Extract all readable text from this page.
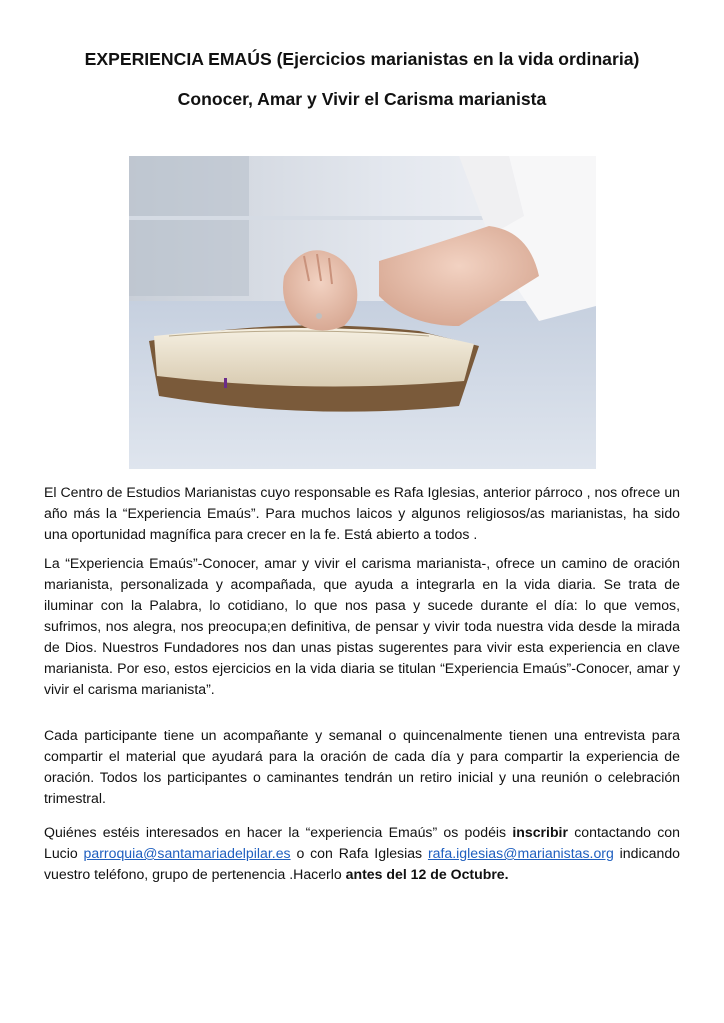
EXPERIENCIA EMAÚS (Ejercicios marianistas en la vida ordinaria)
Conocer, Amar y Vivir el Carisma marianista

El Centro de Estudios Marianistas cuyo responsable es Rafa Iglesias, anterior párroco , nos ofrece un año más la “Experiencia Emaús”. Para muchos laicos y algunos religiosos/as marianistas, ha sido una oportunidad magnífica para crecer en la fe. Está abierto a todos .

La “Experiencia Emaús”-Conocer, amar y vivir el carisma marianista-, ofrece un camino de oración marianista, personalizada y acompañada, que ayuda a integrarla en la vida diaria. Se trata de iluminar con la Palabra, lo cotidiano, lo que nos pasa y sucede durante el día: lo que vemos, sufrimos, nos alegra, nos preocupa;en definitiva, de pensar y vivir toda nuestra vida desde la mirada de Dios. Nuestros Fundadores nos dan unas pistas sugerentes para vivir esta experiencia en clave marianista. Por eso, estos ejercicios en la vida diaria se titulan “Experiencia Emaús”-Conocer, amar y vivir el carisma marianista”.

Cada participante tiene un acompañante y semanal o quincenalmente tienen una entrevista para compartir el material que ayudará para la oración de cada día y para compartir la experiencia de oración. Todos los participantes o caminantes tendrán un retiro inicial y una reunión o celebración trimestral.

Quiénes estéis interesados en hacer la “experiencia Emaús” os podéis inscribir contactando con Lucio parroquia@santamariadelpilar.es o con Rafa Iglesias rafa.iglesias@marianistas.org indicando vuestro teléfono, grupo de pertenencia .Hacerlo antes del 12 de Octubre.
